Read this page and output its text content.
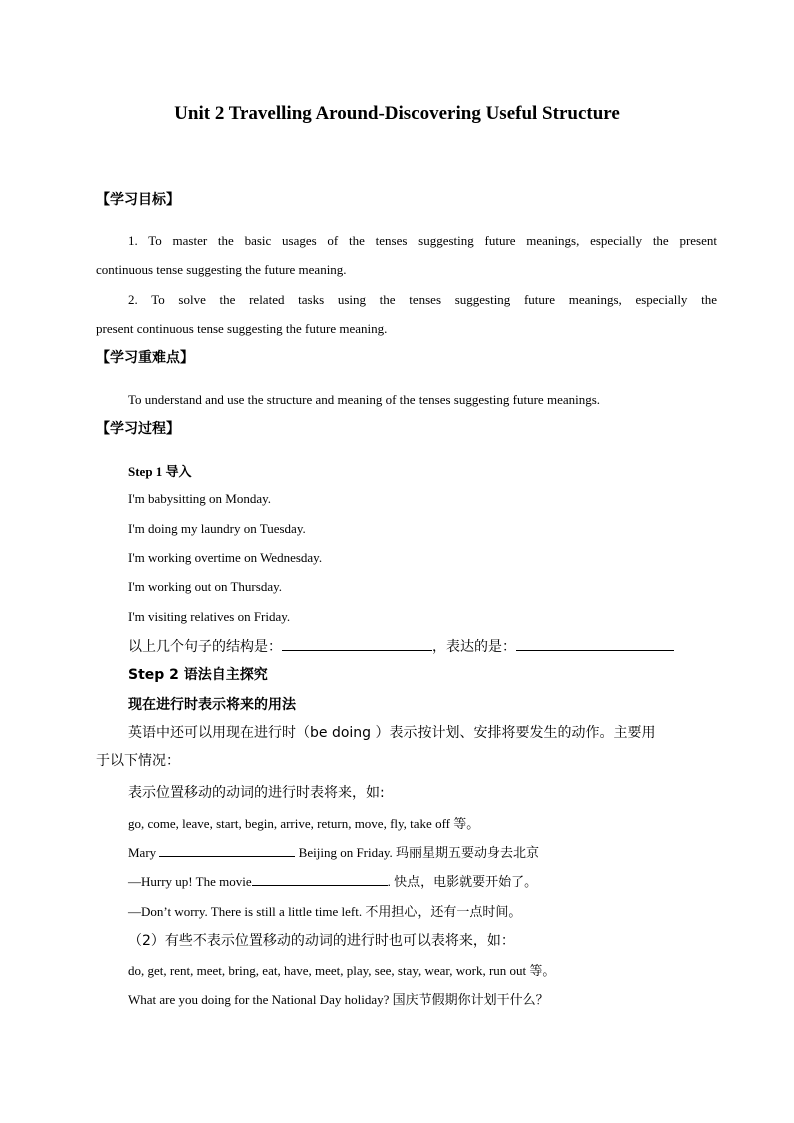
Unit 2 Travelling Around-Discovering Useful Structure
【学习目标】
1. To master the basic usages of the tenses suggesting future meanings, especially the present
continuous tense suggesting the future meaning.
2. To solve the related tasks using the tenses suggesting future meanings, especially the
present continuous tense suggesting the future meaning.
【学习重难点】
To understand and use the structure and meaning of the tenses suggesting future meanings.
【学习过程】
Step 1 导入
I'm babysitting on Monday.
I'm doing my laundry on Tuesday.
I'm working overtime on Wednesday.
I'm working out on Thursday.
I'm visiting relatives on Friday.
以上几个句子的结构是：	，表达的是：
Step 2 语法自主探究
现在进行时表示将来的用法
英语中还可以用现在进行时（be doing ）表示按计划、安排将要发生的动作。主要用
于以下情况：
表示位置移动的动词的进行时表将来，如:
go, come, leave, start, begin, arrive, return, move, fly, take off 等。
Mary	Beijing on Friday. 玛丽星期五要动身去北京
—Hurry up! The movie	. 快点，电影就要开始了。
—Don’t worry. There is still a little time left. 不用担心，还有一点时间。
（2）有些不表示位置移动的动词的进行时也可以表将来，如：
do, get, rent, meet, bring, eat, have, meet, play, see, stay, wear, work, run out 等。
What are you doing for the National Day holiday? 国庆节假期你计划干什么？
